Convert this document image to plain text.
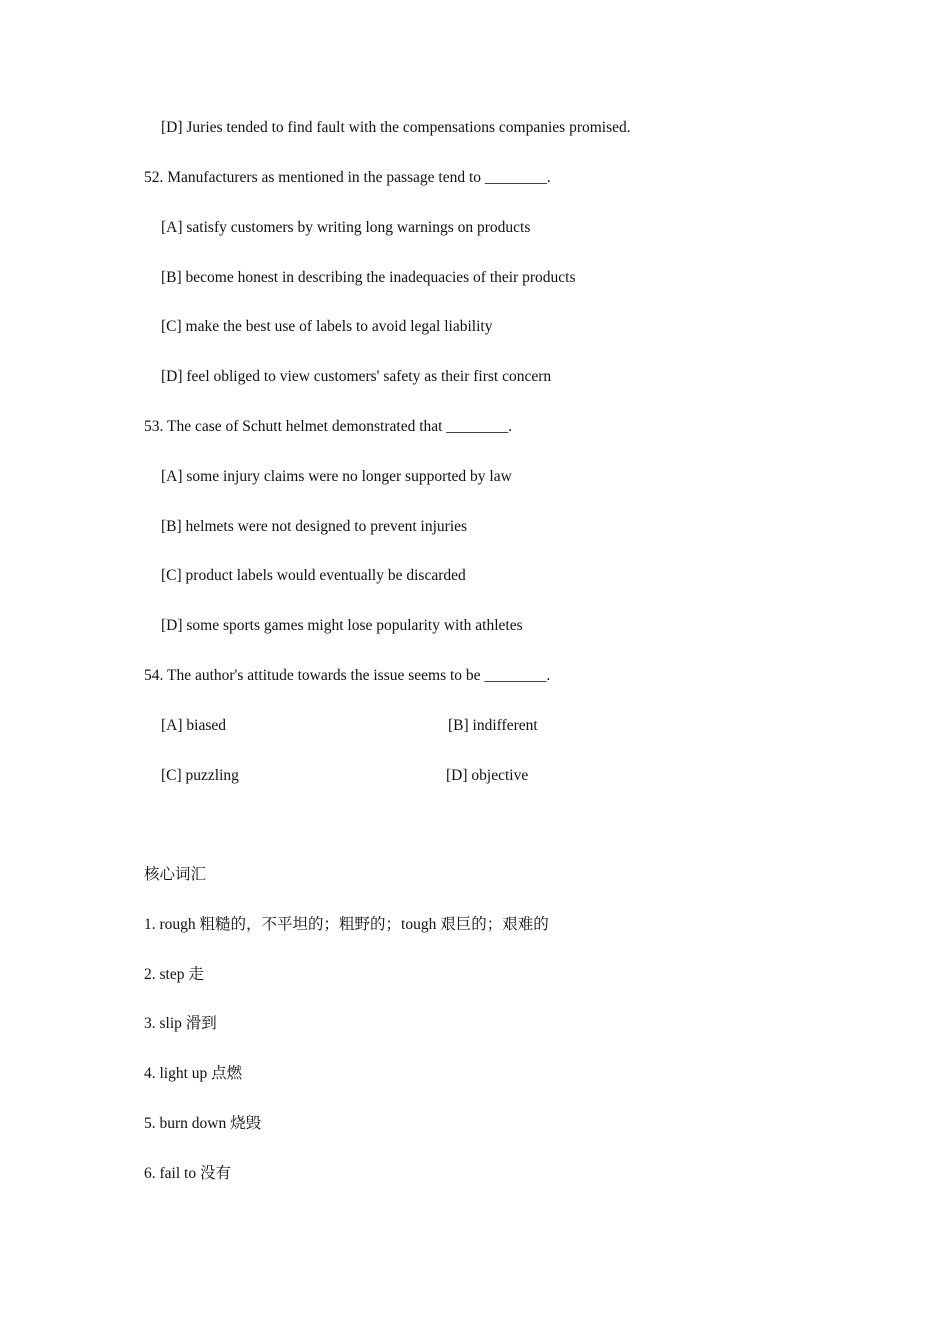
[D] Juries tended to find fault with the compensations companies promised.
52. Manufacturers as mentioned in the passage tend to ________.
[A] satisfy customers by writing long warnings on products
[B] become honest in describing the inadequacies of their products
[C] make the best use of labels to avoid legal liability
[D] feel obliged to view customers' safety as their first concern
53. The case of Schutt helmet demonstrated that ________.
[A] some injury claims were no longer supported by law
[B] helmets were not designed to prevent injuries
[C] product labels would eventually be discarded
[D] some sports games might lose popularity with athletes
54. The author's attitude towards the issue seems to be ________.
[A] biased	[B] indifferent
[C] puzzling	[D] objective
核心词汇
1. rough 粗糙的，不平坦的；粗野的；tough 艰巨的；艰难的
2. step 走
3. slip 滑到
4. light up 点燃
5. burn down 烧毁
6. fail to 没有
